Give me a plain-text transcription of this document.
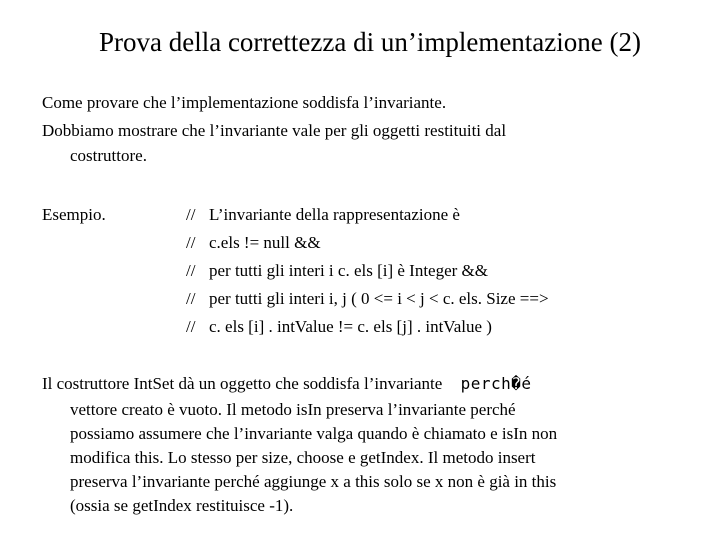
Prova della correttezza di un’implementazione (2)
Come provare che l’implementazione soddisfa l’invariante.
Dobbiamo mostrare che l’invariante vale per gli oggetti restituiti dal
costruttore.
Esempio.	// L’invariante della rappresentazione è
// c.els != null &&
// per tutti gli interi i c. els [i] è Integer &&
// per tutti gli interi i, j ( 0 <= i < j < c. els. Size ==>
// c. els [i] . intValue != c. els [j] . intValue )
Il costruttore IntSet dà un oggetto che soddisfa l’invariante perch�é
vettore creato è vuoto. Il metodo isIn preserva l’invariante perché
possiamo assumere che l’invariante valga quando è chiamato e isIn non
modifica this. Lo stesso per size, choose e getIndex. Il metodo insert
preserva l’invariante perché aggiunge x a this solo se x non è già in this
(ossia se getIndex restituisce -1).
